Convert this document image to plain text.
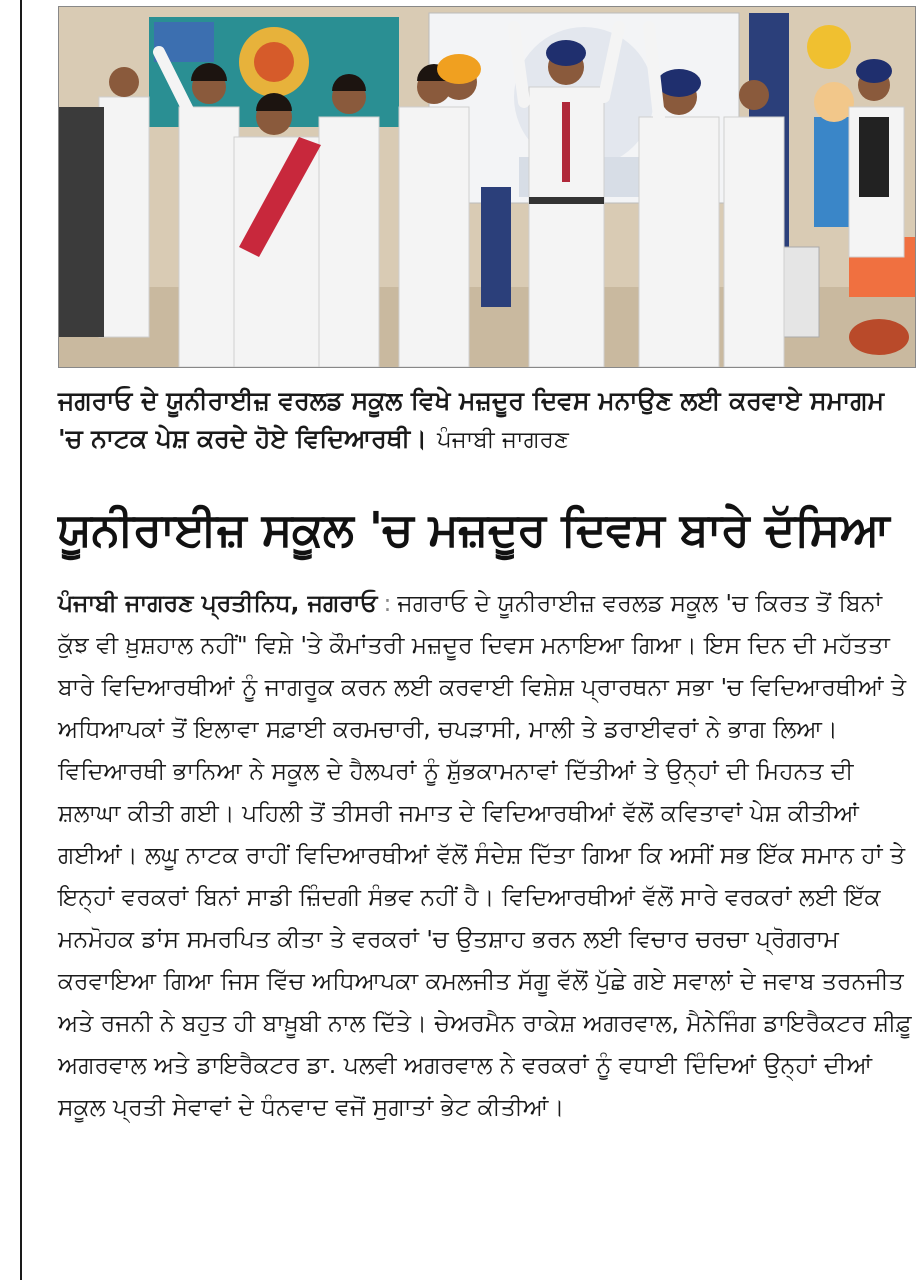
ਜਗਰਾਓ ਦੇ ਯੂਨੀਰਾਈਜ਼ ਵਰਲਡ ਸਕੂਲ ਵਿਖੇ ਮਜ਼ਦੂਰ ਦਿਵਸ ਮਨਾਉਣ ਲਈ ਕਰਵਾਏ ਸਮਾਗਮ 'ਚ ਨਾਟਕ ਪੇਸ਼ ਕਰਦੇ ਹੋਏ ਵਿਦਿਆਰਥੀ। ਪੰਜਾਬੀ ਜਾਗਰਣ
ਯੂਨੀਰਾਈਜ਼ ਸਕੂਲ 'ਚ ਮਜ਼ਦੂਰ ਦਿਵਸ ਬਾਰੇ ਦੱਸਿਆ

ਪੰਜਾਬੀ ਜਾਗਰਣ ਪ੍ਰਤੀਨਿਧ, ਜਗਰਾਓ : ਜਗਰਾਓ ਦੇ ਯੂਨੀਰਾਈਜ਼ ਵਰਲਡ ਸਕੂਲ 'ਚ ਕਿਰਤ ਤੋਂ ਬਿਨਾਂ ਕੁੱਝ ਵੀ ਖ਼ੁਸ਼ਹਾਲ ਨਹੀਂ" ਵਿਸ਼ੇ 'ਤੇ ਕੌਮਾਂਤਰੀ ਮਜ਼ਦੂਰ ਦਿਵਸ ਮਨਾਇਆ ਗਿਆ। ਇਸ ਦਿਨ ਦੀ ਮਹੱਤਤਾ ਬਾਰੇ ਵਿਦਿਆਰਥੀਆਂ ਨੂੰ ਜਾਗਰੂਕ ਕਰਨ ਲਈ ਕਰਵਾਈ ਵਿਸ਼ੇਸ਼ ਪ੍ਰਾਰਥਨਾ ਸਭਾ 'ਚ ਵਿਦਿਆਰਥੀਆਂ ਤੇ ਅਧਿਆਪਕਾਂ ਤੋਂ ਇਲਾਵਾ ਸਫ਼ਾਈ ਕਰਮਚਾਰੀ, ਚਪੜਾਸੀ, ਮਾਲੀ ਤੇ ਡਰਾਈਵਰਾਂ ਨੇ ਭਾਗ ਲਿਆ। ਵਿਦਿਆਰਥੀ ਭਾਨਿਆ ਨੇ ਸਕੂਲ ਦੇ ਹੈਲਪਰਾਂ ਨੂੰ ਸ਼ੁੱਭਕਾਮਨਾਵਾਂ ਦਿੱਤੀਆਂ ਤੇ ਉਨ੍ਹਾਂ ਦੀ ਮਿਹਨਤ ਦੀ ਸ਼ਲਾਘਾ ਕੀਤੀ ਗਈ। ਪਹਿਲੀ ਤੋਂ ਤੀਸਰੀ ਜਮਾਤ ਦੇ ਵਿਦਿਆਰਥੀਆਂ ਵੱਲੋਂ ਕਵਿਤਾਵਾਂ ਪੇਸ਼ ਕੀਤੀਆਂ ਗਈਆਂ। ਲਘੂ ਨਾਟਕ ਰਾਹੀਂ ਵਿਦਿਆਰਥੀਆਂ ਵੱਲੋਂ ਸੰਦੇਸ਼ ਦਿੱਤਾ ਗਿਆ ਕਿ ਅਸੀਂ ਸਭ ਇੱਕ ਸਮਾਨ ਹਾਂ ਤੇ ਇਨ੍ਹਾਂ ਵਰਕਰਾਂ ਬਿਨਾਂ ਸਾਡੀ ਜ਼ਿੰਦਗੀ ਸੰਭਵ ਨਹੀਂ ਹੈ। ਵਿਦਿਆਰਥੀਆਂ ਵੱਲੋਂ ਸਾਰੇ ਵਰਕਰਾਂ ਲਈ ਇੱਕ ਮਨਮੋਹਕ ਡਾਂਸ ਸਮਰਪਿਤ ਕੀਤਾ ਤੇ ਵਰਕਰਾਂ 'ਚ ਉਤਸ਼ਾਹ ਭਰਨ ਲਈ ਵਿਚਾਰ ਚਰਚਾ ਪ੍ਰੋਗਰਾਮ ਕਰਵਾਇਆ ਗਿਆ ਜਿਸ ਵਿੱਚ ਅਧਿਆਪਕਾ ਕਮਲਜੀਤ ਸੱਗੂ ਵੱਲੋਂ ਪੁੱਛੇ ਗਏ ਸਵਾਲਾਂ ਦੇ ਜਵਾਬ ਤਰਨਜੀਤ ਅਤੇ ਰਜਨੀ ਨੇ ਬਹੁਤ ਹੀ ਬਾਖ਼ੂਬੀ ਨਾਲ ਦਿੱਤੇ। ਚੇਅਰਮੈਨ ਰਾਕੇਸ਼ ਅਗਰਵਾਲ, ਮੈਨੇਜਿੰਗ ਡਾਇਰੈਕਟਰ ਸ਼ੀਫ਼ੂ ਅਗਰਵਾਲ ਅਤੇ ਡਾਇਰੈਕਟਰ ਡਾ. ਪਲਵੀ ਅਗਰਵਾਲ ਨੇ ਵਰਕਰਾਂ ਨੂੰ ਵਧਾਈ ਦਿੰਦਿਆਂ ਉਨ੍ਹਾਂ ਦੀਆਂ ਸਕੂਲ ਪ੍ਰਤੀ ਸੇਵਾਵਾਂ ਦੇ ਧੰਨਵਾਦ ਵਜੋਂ ਸੁਗਾਤਾਂ ਭੇਟ ਕੀਤੀਆਂ।
